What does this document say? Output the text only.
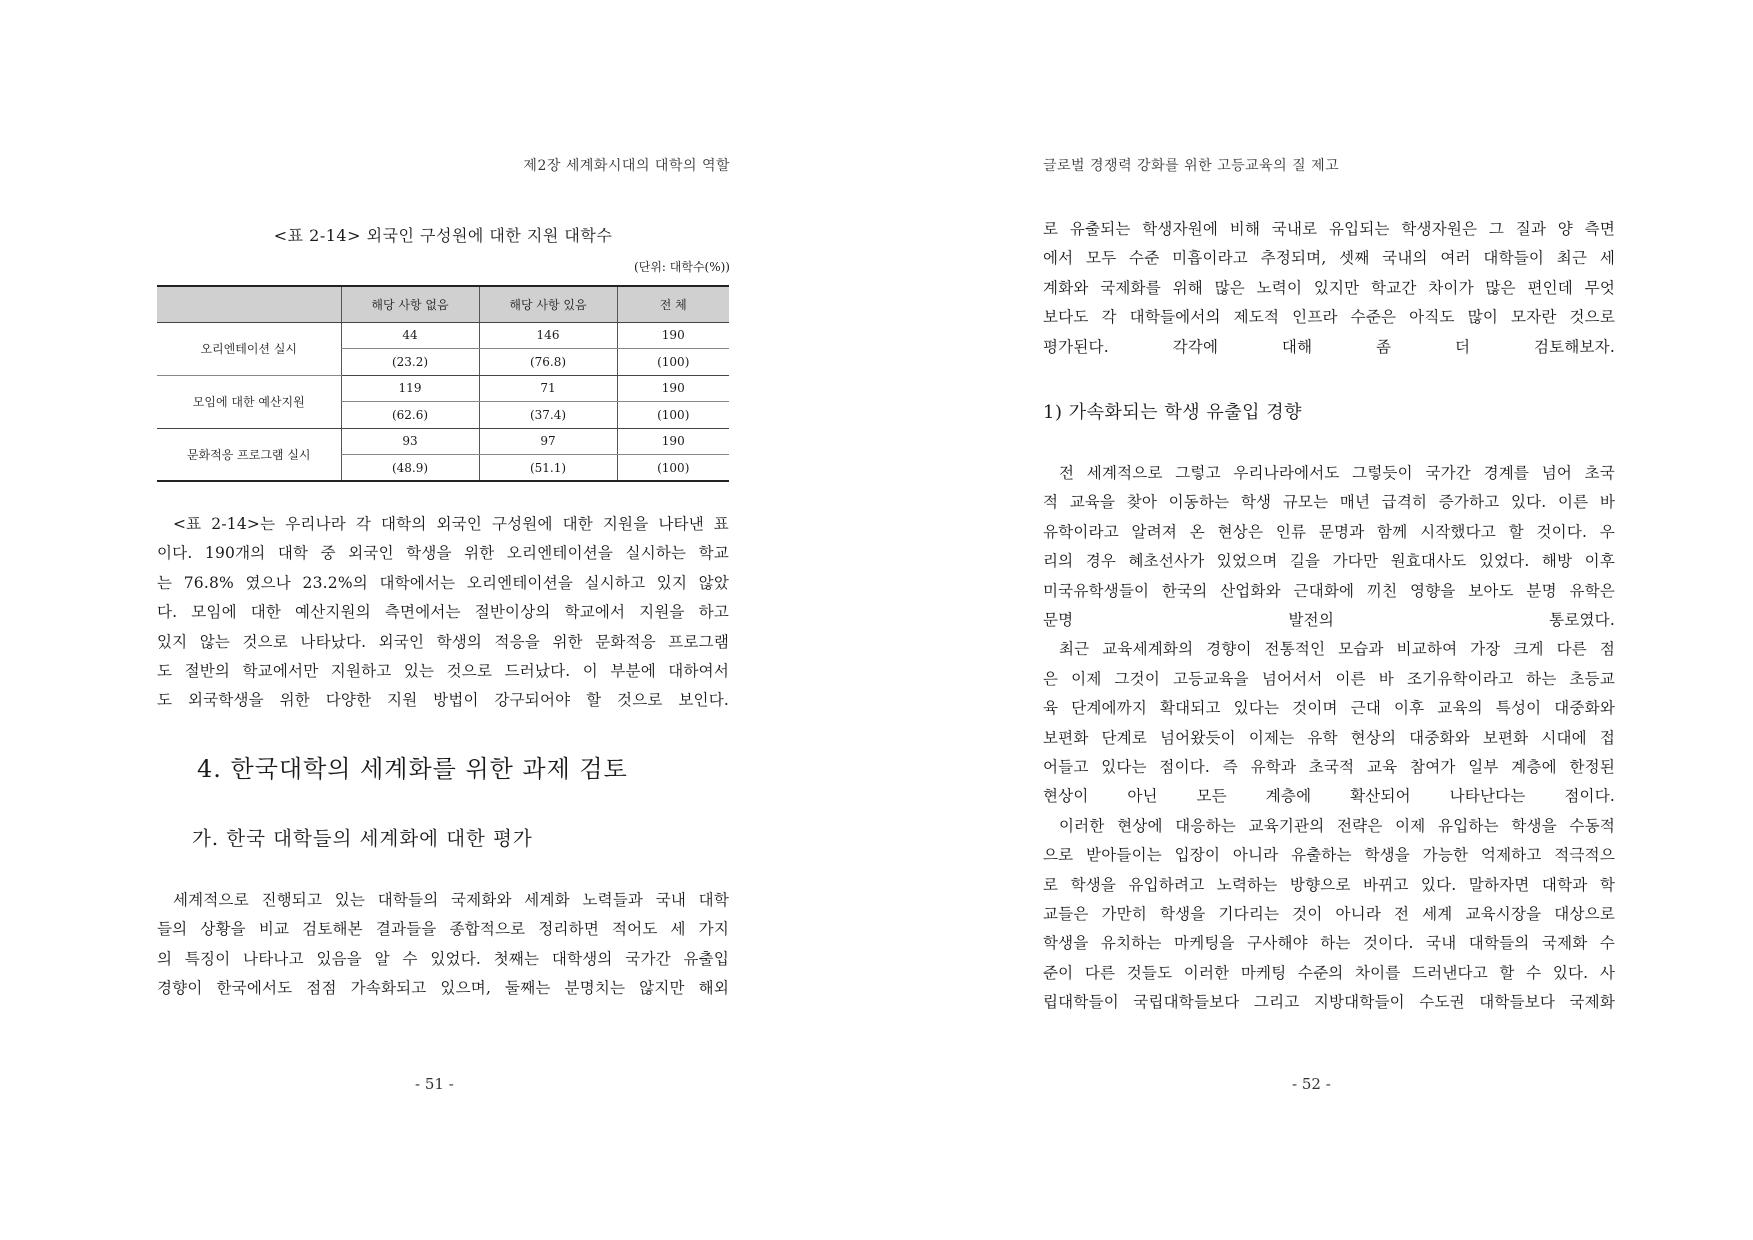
제2장 세계화시대의 대학의 역할
<표 2-14> 외국인 구성원에 대한 지원 대학수
(단위: 대학수(%))
	해당 사항 없음	해당 사항 있음	전 체
오리엔테이션 실시	44	146	190
	(23.2)	(76.8)	(100)
모임에 대한 예산지원	119	71	190
	(62.6)	(37.4)	(100)
문화적응 프로그램 실시	93	97	190
	(48.9)	(51.1)	(100)
<표 2-14>는 우리나라 각 대학의 외국인 구성원에 대한 지원을 나타낸 표
이다. 190개의 대학 중 외국인 학생을 위한 오리엔테이션을 실시하는 학교
는 76.8% 였으나 23.2%의 대학에서는 오리엔테이션을 실시하고 있지 않았
다. 모임에 대한 예산지원의 측면에서는 절반이상의 학교에서 지원을 하고
있지 않는 것으로 나타났다. 외국인 학생의 적응을 위한 문화적응 프로그램
도 절반의 학교에서만 지원하고 있는 것으로 드러났다. 이 부분에 대하여서
도 외국학생을 위한 다양한 지원 방법이 강구되어야 할 것으로 보인다.
4. 한국대학의 세계화를 위한 과제 검토
가. 한국 대학들의 세계화에 대한 평가
세계적으로 진행되고 있는 대학들의 국제화와 세계화 노력들과 국내 대학
들의 상황을 비교 검토해본 결과들을 종합적으로 정리하면 적어도 세 가지
의 특징이 나타나고 있음을 알 수 있었다. 첫째는 대학생의 국가간 유출입
경향이 한국에서도 점점 가속화되고 있으며, 둘째는 분명치는 않지만 해외
- 51 -
글로벌 경쟁력 강화를 위한 고등교육의 질 제고
로 유출되는 학생자원에 비해 국내로 유입되는 학생자원은 그 질과 양 측면
에서 모두 수준 미흡이라고 추정되며, 셋째 국내의 여러 대학들이 최근 세
계화와 국제화를 위해 많은 노력이 있지만 학교간 차이가 많은 편인데 무엇
보다도 각 대학들에서의 제도적 인프라 수준은 아직도 많이 모자란 것으로
평가된다. 각각에 대해 좀 더 검토해보자.
1) 가속화되는 학생 유출입 경향
전 세계적으로 그렇고 우리나라에서도 그렇듯이 국가간 경계를 넘어 초국
적 교육을 찾아 이동하는 학생 규모는 매년 급격히 증가하고 있다. 이른 바
유학이라고 알려져 온 현상은 인류 문명과 함께 시작했다고 할 것이다. 우
리의 경우 혜초선사가 있었으며 길을 가다만 원효대사도 있었다. 해방 이후
미국유학생들이 한국의 산업화와 근대화에 끼친 영향을 보아도 분명 유학은
문명 발전의 통로였다.
최근 교육세계화의 경향이 전통적인 모습과 비교하여 가장 크게 다른 점
은 이제 그것이 고등교육을 넘어서서 이른 바 조기유학이라고 하는 초등교
육 단계에까지 확대되고 있다는 것이며 근대 이후 교육의 특성이 대중화와
보편화 단계로 넘어왔듯이 이제는 유학 현상의 대중화와 보편화 시대에 접
어들고 있다는 점이다. 즉 유학과 초국적 교육 참여가 일부 계층에 한정된
현상이 아닌 모든 계층에 확산되어 나타난다는 점이다.
이러한 현상에 대응하는 교육기관의 전략은 이제 유입하는 학생을 수동적
으로 받아들이는 입장이 아니라 유출하는 학생을 가능한 억제하고 적극적으
로 학생을 유입하려고 노력하는 방향으로 바뀌고 있다. 말하자면 대학과 학
교들은 가만히 학생을 기다리는 것이 아니라 전 세계 교육시장을 대상으로
학생을 유치하는 마케팅을 구사해야 하는 것이다. 국내 대학들의 국제화 수
준이 다른 것들도 이러한 마케팅 수준의 차이를 드러낸다고 할 수 있다. 사
립대학들이 국립대학들보다 그리고 지방대학들이 수도권 대학들보다 국제화
- 52 -
